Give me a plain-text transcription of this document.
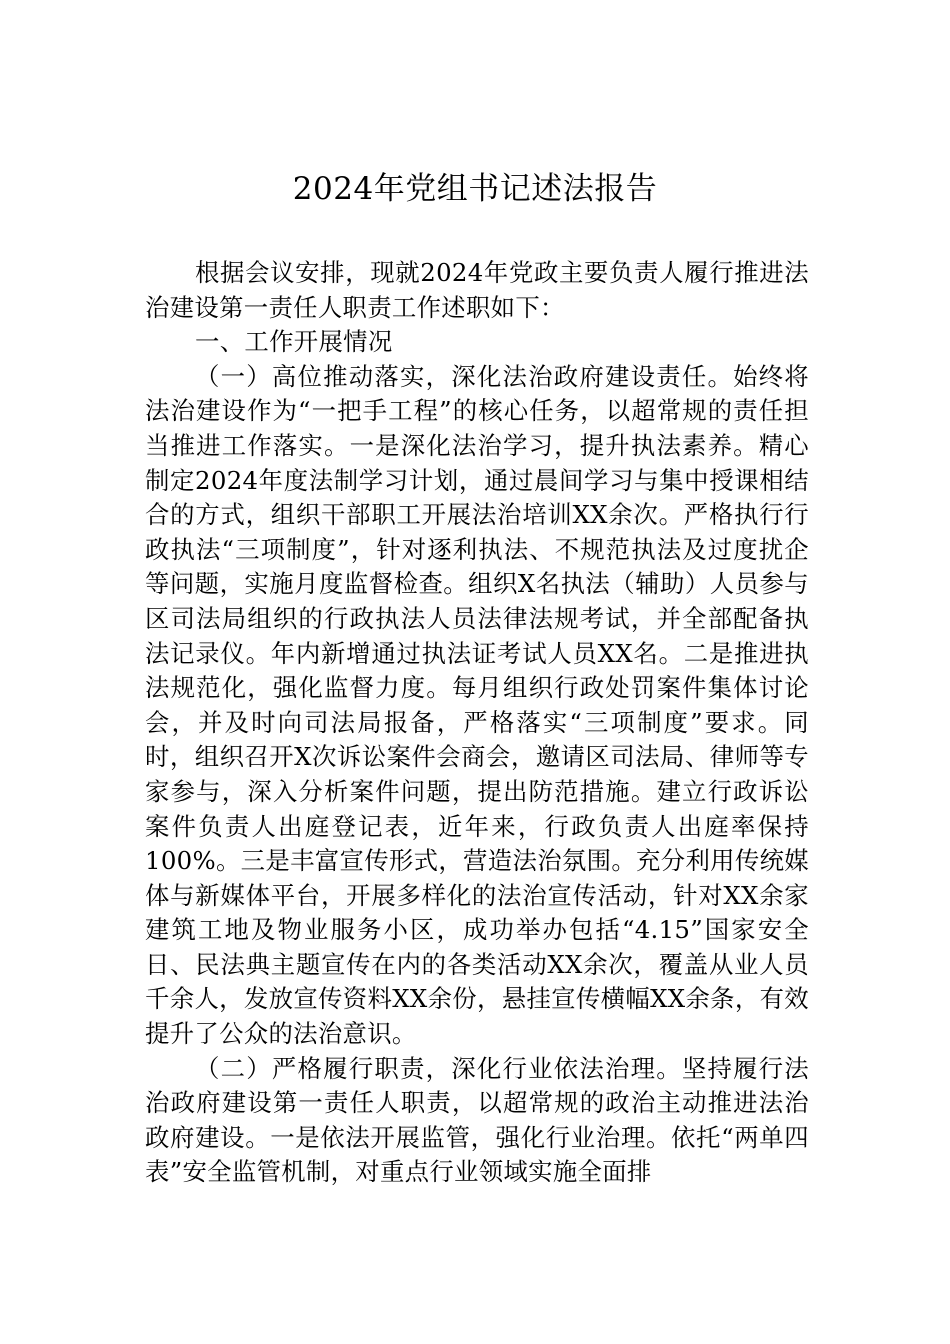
2024年党组书记述法报告

根据会议安排，现就2024年党政主要负责人履行推进法治建设第一责任人职责工作述职如下：

一、工作开展情况

（一）高位推动落实，深化法治政府建设责任。始终将法治建设作为“一把手工程”的核心任务，以超常规的责任担当推进工作落实。一是深化法治学习，提升执法素养。精心制定2024年度法制学习计划，通过晨间学习与集中授课相结合的方式，组织干部职工开展法治培训XX余次。严格执行行政执法“三项制度”，针对逐利执法、不规范执法及过度扰企等问题，实施月度监督检查。组织X名执法（辅助）人员参与区司法局组织的行政执法人员法律法规考试，并全部配备执法记录仪。年内新增通过执法证考试人员XX名。二是推进执法规范化，强化监督力度。每月组织行政处罚案件集体讨论会，并及时向司法局报备，严格落实“三项制度”要求。同时，组织召开X次诉讼案件会商会，邀请区司法局、律师等专家参与，深入分析案件问题，提出防范措施。建立行政诉讼案件负责人出庭登记表，近年来，行政负责人出庭率保持100%。三是丰富宣传形式，营造法治氛围。充分利用传统媒体与新媒体平台，开展多样化的法治宣传活动，针对XX余家建筑工地及物业服务小区，成功举办包括“4.15”国家安全日、民法典主题宣传在内的各类活动XX余次，覆盖从业人员千余人，发放宣传资料XX余份，悬挂宣传横幅XX余条，有效提升了公众的法治意识。

（二）严格履行职责，深化行业依法治理。坚持履行法治政府建设第一责任人职责，以超常规的政治主动推进法治政府建设。一是依法开展监管，强化行业治理。依托“两单四表”安全监管机制，对重点行业领域实施全面排
